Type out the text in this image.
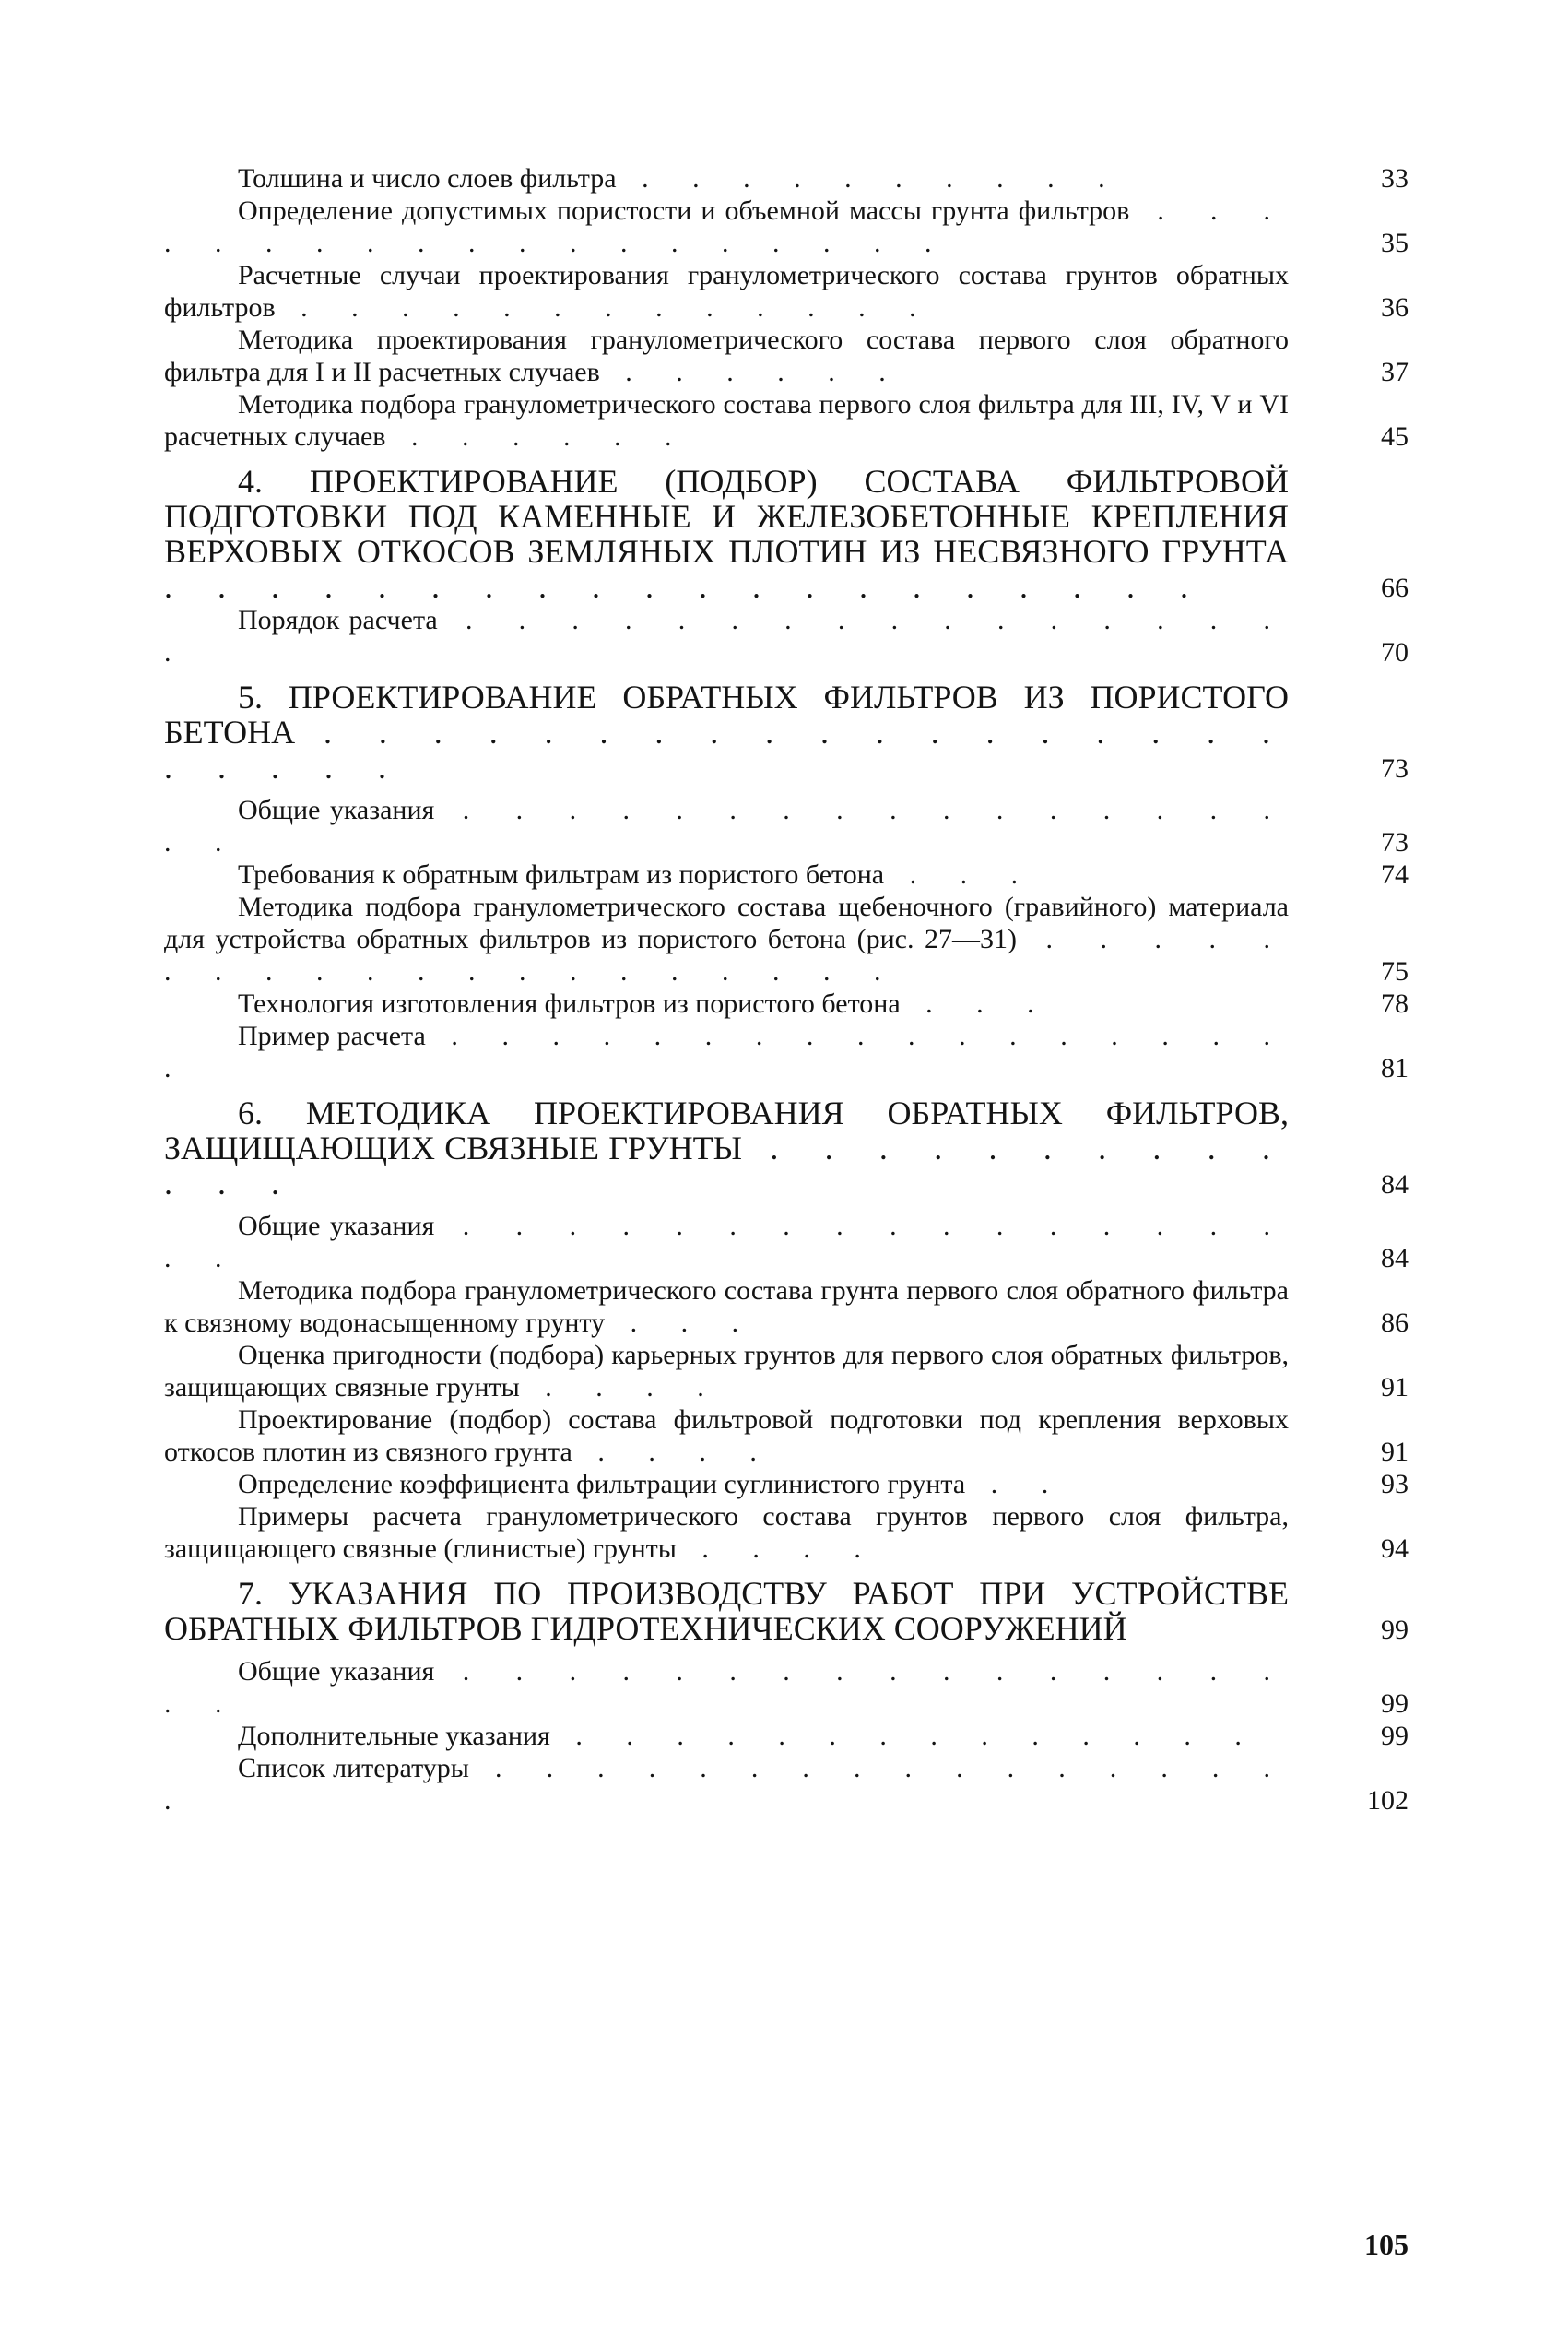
Толшина и число слоев фильтра . . . . . . . . . .	33
Определение допустимых пористости и объемной массы грунта фильтров . . . . . . . . . . . . . . . . . . .	35
Расчетные случаи проектирования гранулометрического состава грунтов обратных фильтров . . . . . . . . . . . . .	36
Методика проектирования гранулометрического состава первого слоя обратного фильтра для I и II расчетных случаев . . . . . .	37
Методика подбора гранулометрического состава первого слоя фильтра для III, IV, V и VI расчетных случаев . . . . . .	45
4. ПРОЕКТИРОВАНИЕ (ПОДБОР) СОСТАВА ФИЛЬТРОВОЙ ПОДГОТОВКИ ПОД КАМЕННЫЕ И ЖЕЛЕЗОБЕТОННЫЕ КРЕПЛЕНИЯ ВЕРХОВЫХ ОТКОСОВ ЗЕМЛЯНЫХ ПЛОТИН ИЗ НЕСВЯЗНОГО ГРУНТА . . . . . . . . . . . . . . . . . . . .	66
Порядок расчета . . . . . . . . . . . . . . . . .	70
5. ПРОЕКТИРОВАНИЕ ОБРАТНЫХ ФИЛЬТРОВ ИЗ ПОРИСТОГО БЕТОНА . . . . . . . . . . . . . . . . . . . . . . .	73
Общие указания . . . . . . . . . . . . . . . . . .	73
Требования к обратным фильтрам из пористого бетона . . .	74
Методика подбора гранулометрического состава щебеночного (гравийного) материала для устройства обратных фильтров из пористого бетона (рис. 27—31) . . . . . . . . . . . . . . . . . . . .	75
Технология изготовления фильтров из пористого бетона . . .	78
Пример расчета . . . . . . . . . . . . . . . . . .	81
6. МЕТОДИКА ПРОЕКТИРОВАНИЯ ОБРАТНЫХ ФИЛЬТРОВ, ЗАЩИЩАЮЩИХ СВЯЗНЫЕ ГРУНТЫ . . . . . . . . . . . . .	84
Общие указания . . . . . . . . . . . . . . . . . .	84
Методика подбора гранулометрического состава грунта первого слоя обратного фильтра к связному водонасыщенному грунту . . .	86
Оценка пригодности (подбора) карьерных грунтов для первого слоя обратных фильтров, защищающих связные грунты . . . .	91
Проектирование (подбор) состава фильтровой подготовки под крепления верховых откосов плотин из связного грунта . . . .	91
Определение коэффициента фильтрации суглинистого грунта . .	93
Примеры расчета гранулометрического состава грунтов первого слоя фильтра, защищающего связные (глинистые) грунты . . . .	94
7. УКАЗАНИЯ ПО ПРОИЗВОДСТВУ РАБОТ ПРИ УСТРОЙСТВЕ ОБРАТНЫХ ФИЛЬТРОВ ГИДРОТЕХНИЧЕСКИХ СООРУЖЕНИЙ	99
Общие указания . . . . . . . . . . . . . . . . . .	99
Дополнительные указания . . . . . . . . . . . . . .	99
Список литературы . . . . . . . . . . . . . . . . .	102
105
